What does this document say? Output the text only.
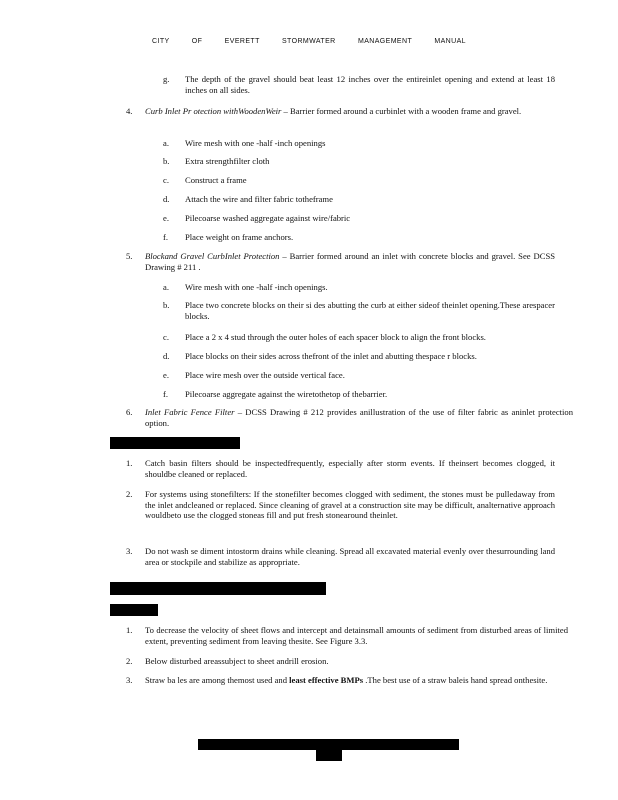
CITY OF EVERETT STORMWATER MANAGEMENT MANUAL
g.	The depth of the gravel should beat least 12 inches over the entireinlet opening and extend at least 18 inches on all sides.
4.	Curb Inlet Pr otection withWoodenWeir – Barrier formed around a curbinlet with a wooden frame and gravel.
a.	Wire mesh with one -half -inch openings
b.	Extra strengthfilter cloth
c.	Construct a frame
d.	Attach the wire and filter fabric totheframe
e.	Pilecoarse washed aggregate against wire/fabric
f.	Place weight on frame anchors.
5.	Blockand Gravel CurbInlet Protection – Barrier formed around an inlet with concrete blocks and gravel. See DCSS Drawing # 211 .
a.	Wire mesh with one -half -inch openings.
b.	Place two concrete blocks on their si des abutting the curb at either sideof theinlet opening.These arespacer blocks.
c.	Place a 2 x 4 stud through the outer holes of each spacer block to align the front blocks.
d.	Place blocks on their sides across thefront of the inlet and abutting thespace r blocks.
e.	Place wire mesh over the outside vertical face.
f.	Pilecoarse aggregate against the wiretothetop of thebarrier.
6.	Inlet Fabric Fence Filter – DCSS Drawing # 212 provides anillustration of the use of filter fabric as aninlet protection option.
1.	Catch basin filters should be inspectedfrequently, especially after storm events. If theinsert becomes clogged, it shouldbe cleaned or replaced.
2.	For systems using stonefilters: If the stonefilter becomes clogged with sediment, the stones must be pulledaway from the inlet andcleaned or replaced. Since cleaning of gravel at a construction site may be difficult, analternative approach wouldbeto use the clogged stoneas fill and put fresh stonearound theinlet.
3.	Do not wash se diment intostorm drains while cleaning. Spread all excavated material evenly over thesurrounding land area or stockpile and stabilize as appropriate.
1.	To decrease the velocity of sheet flows and intercept and detainsmall amounts of sediment from disturbed areas of limited extent, preventing sediment from leaving thesite. See Figure 3.3.
2.	Below disturbed areassubject to sheet andrill erosion.
3.	Straw ba les are among themost used and least effective BMPs .The best use of a straw baleis hand spread onthesite.
